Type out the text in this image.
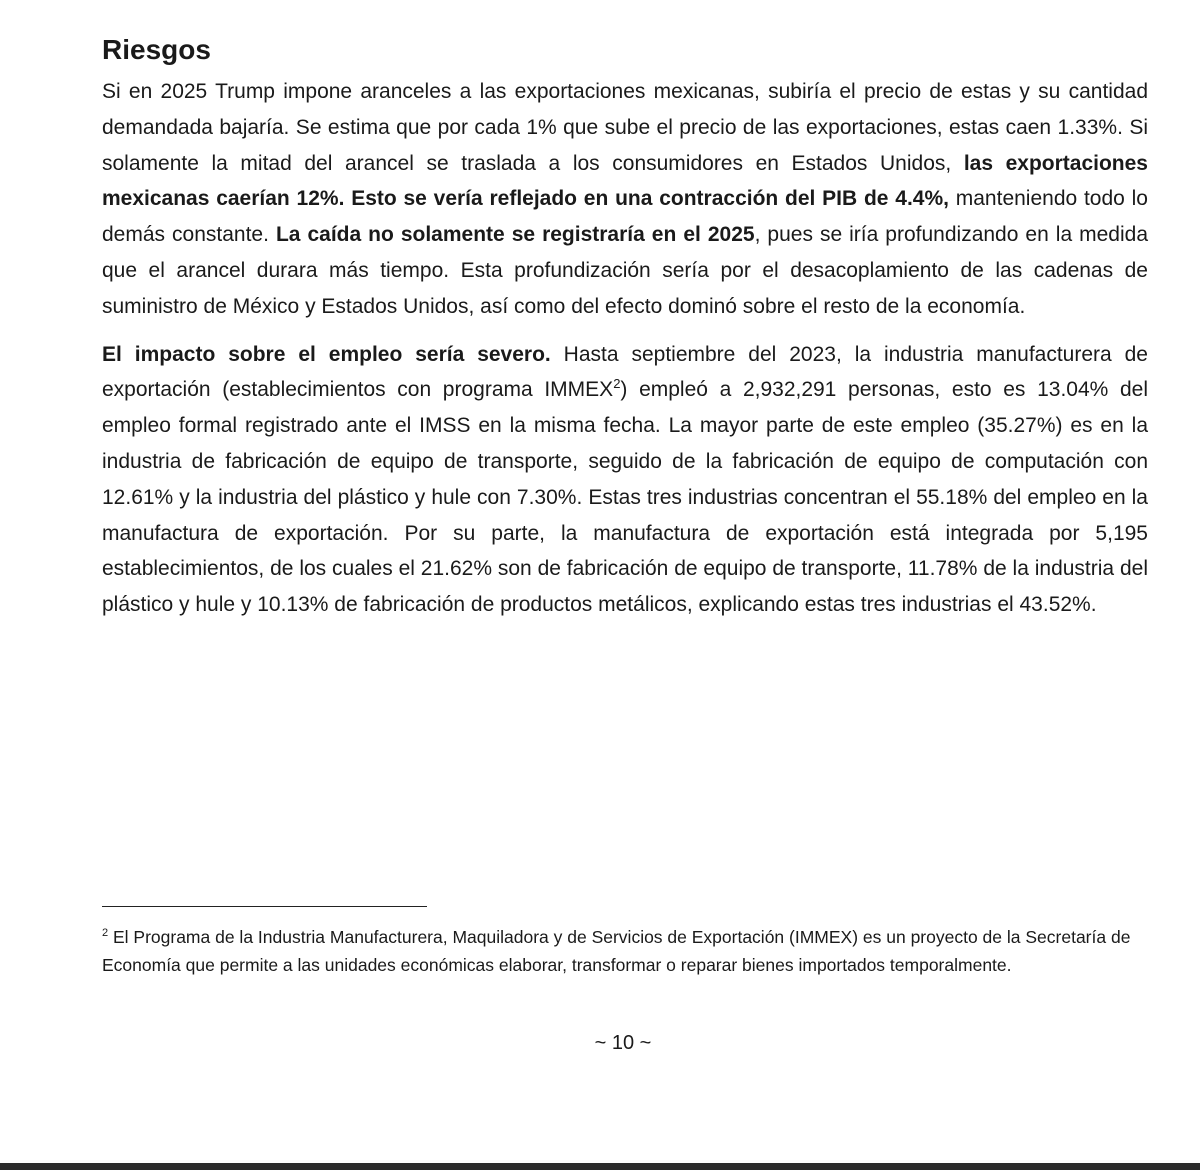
Riesgos

Si en 2025 Trump impone aranceles a las exportaciones mexicanas, subiría el precio de estas y su cantidad demandada bajaría. Se estima que por cada 1% que sube el precio de las exportaciones, estas caen 1.33%. Si solamente la mitad del arancel se traslada a los consumidores en Estados Unidos, las exportaciones mexicanas caerían 12%. Esto se vería reflejado en una contracción del PIB de 4.4%, manteniendo todo lo demás constante. La caída no solamente se registraría en el 2025, pues se iría profundizando en la medida que el arancel durara más tiempo. Esta profundización sería por el desacoplamiento de las cadenas de suministro de México y Estados Unidos, así como del efecto dominó sobre el resto de la economía.

El impacto sobre el empleo sería severo. Hasta septiembre del 2023, la industria manufacturera de exportación (establecimientos con programa IMMEX$^2$) empleó a 2,932,291 personas, esto es 13.04% del empleo formal registrado ante el IMSS en la misma fecha. La mayor parte de este empleo (35.27%) es en la industria de fabricación de equipo de transporte, seguido de la fabricación de equipo de computación con 12.61% y la industria del plástico y hule con 7.30%. Estas tres industrias concentran el 55.18% del empleo en la manufactura de exportación. Por su parte, la manufactura de exportación está integrada por 5,195 establecimientos, de los cuales el 21.62% son de fabricación de equipo de transporte, 11.78% de la industria del plástico y hule y 10.13% de fabricación de productos metálicos, explicando estas tres industrias el 43.52%.

$^2$ El Programa de la Industria Manufacturera, Maquiladora y de Servicios de Exportación (IMMEX) es un proyecto de la Secretaría de Economía que permite a las unidades económicas elaborar, transformar o reparar bienes importados temporalmente.

~ 10 ~
